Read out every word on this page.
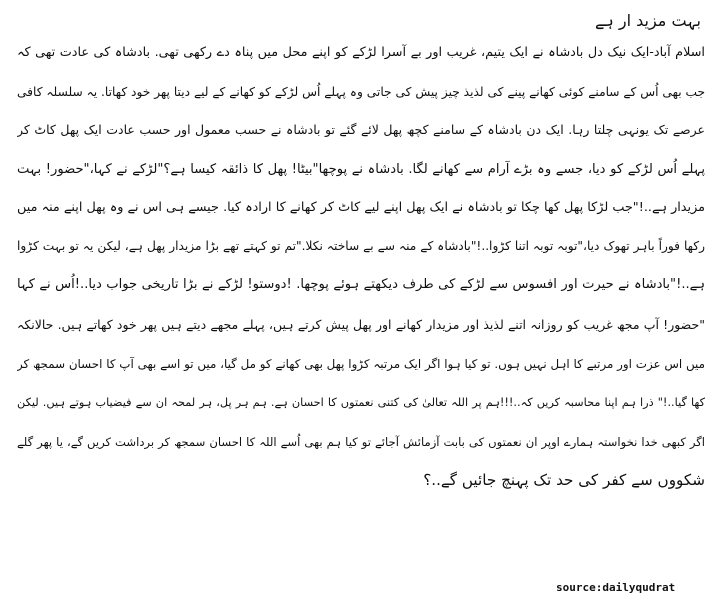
بہت مزید ار ہے
اسلام آباد-ایک نیک دل بادشاہ نے ایک یتیم، غریب اور بے آسرا لڑکے کو اپنے محل میں پناہ دے رکھی تھی. بادشاہ کی عادت تھی کہ
جب بھی اُس کے سامنے کوئی کھانے پینے کی لذیذ چیز پیش کی جاتی وہ پہلے اُس لڑکے کو کھانے کے لیے دیتا پھر خود کھاتا. یہ سلسلہ کافی
عرصے تک یونہی چلتا رہا. ایک دن بادشاہ کے سامنے کچھ پھل لائے گئے تو بادشاہ نے حسب معمول اور حسب عادت ایک پھل کاٹ کر
پہلے اُس لڑکے کو دیا، جسے وہ بڑے آرام سے کھانے لگا. بادشاہ نے پوچھا"بیٹا! پھل کا ذائقہ کیسا ہے؟"لڑکے نے کہا،"حضور! بہت
مزیدار ہے..!"جب لڑکا پھل کھا چکا تو بادشاہ نے ایک پھل اپنے لیے کاٹ کر کھانے کا ارادہ کیا. جیسے ہی اس نے وہ پھل اپنے منہ میں
رکھا فوراً باہر تھوک دیا،"توبہ توبہ اتنا کڑوا..!"بادشاہ کے منہ سے بے ساختہ نکلا."تم تو کہتے تھے بڑا مزیدار پھل ہے، لیکن یہ تو بہت کڑوا
ہے..!"بادشاہ نے حیرت اور افسوس سے لڑکے کی طرف دیکھتے ہوئے پوچھا. !دوستو! لڑکے نے بڑا تاریخی جواب دیا..!اُس نے کہا
"حضور! آپ مجھ غریب کو روزانہ اتنے لذیذ اور مزیدار کھانے اور پھل پیش کرتے ہیں، پہلے مجھے دیتے ہیں پھر خود کھاتے ہیں. حالانکہ
میں اس عزت اور مرتبے کا اہل نہیں ہوں. تو کیا ہوا اگر ایک مرتبہ کڑوا پھل بھی کھانے کو مل گیا، میں تو اسے بھی آپ کا احسان سمجھ کر
کھا گیا..!" ذرا ہم اپنا محاسبہ کریں کہ..!!!ہم پر اللہ تعالیٰ کی کتنی نعمتوں کا احسان ہے. ہم ہر پل، ہر لمحہ ان سے فیضیاب ہوتے ہیں. لیکن
اگر کبھی خدا نخواستہ ہمارے اوپر ان نعمتوں کی بابت آزمائش آجائے تو کیا ہم بھی اُسے اللہ کا احسان سمجھ کر برداشت کریں گے، یا پھر گلے
شکووں سے کفر کی حد تک پہنچ جائیں گے..؟
source:dailyqudrat
